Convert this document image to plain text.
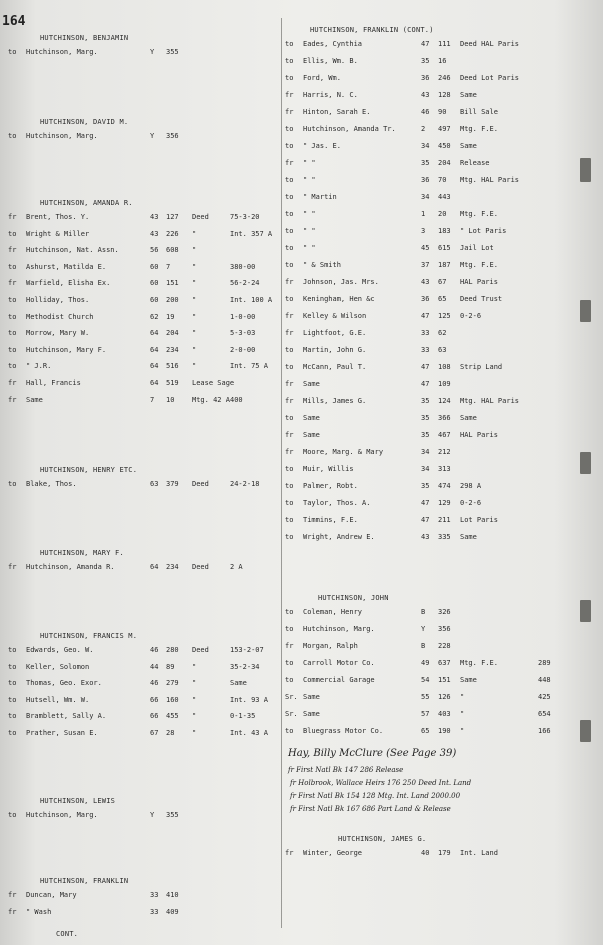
164
HUTCHINSON, BENJAMIN
to Hutchinson, Marg.	Y 355
HUTCHINSON, DAVID M.
to Hutchinson, Marg.	Y 356
HUTCHINSON, AMANDA R.
fr Brent, Thos. Y.	43 127 Deed	75-3-20
to Wright & Miller	43 226 "	Int. 357 A
fr Hutchinson, Nat. Assn.	56 608 "
to Ashurst, Matilda E.	60 7	"	380-00
fr Warfield, Elisha Ex.	60 151 "	56-2-24
to Holliday, Thos.	60 200 "	Int. 100 A
to Methodist Church	62 19	"	1-0-00
to Morrow, Mary W.	64 204 "	5-3-03
to Hutchinson, Mary F.	64 234 "	2-0-00
to " J.R.	64 516 "	Int. 75 A
fr Hall, Francis	64 519 Lease Sage
fr Same	7 10	Mtg. 42 A 400
HUTCHINSON, HENRY ETC.
to Blake, Thos.	63 379 Deed	24-2-18
HUTCHINSON, MARY F.
fr Hutchinson, Amanda R.	64 234 Deed	2 A
HUTCHINSON, FRANCIS M.
to Edwards, Geo. W.	46 280 Deed	153-2-07
to Keller, Solomon	44 89	"	35-2-34
to Thomas, Geo. Exor.	46 279 "	Same
to Hutsell, Wm. W.	66 160 "	Int. 93 A
to Bramblett, Sally A.	66 455 "	0-1-35
to Prather, Susan E.	67 28	"	Int. 43 A
HUTCHINSON, LEWIS
to Hutchinson, Marg.	Y 355
HUTCHINSON, FRANKLIN
fr Duncan, Mary	33 410
fr " Wash	33 409
HUTCHINSON, FRANKLIN (CONT.)
to Eades, Cynthia	47 111 Deed HAL Paris
to Ellis, Wm. B.	35 16
to Ford, Wm.	36 246 Deed Lot Paris
fr Harris, N. C.	43 128 Same
fr Hinton, Sarah E.	46 90 Bill Sale
to Hutchinson, Amanda Tr.	2 497 Mtg. F.E.
to " Jas. E.	34 450 Same
fr " "	35 204 Release
to " "	36 70 Mtg. HAL Paris
to " Martin	34 443
to " "	1 20 Mtg. F.E.
to " "	3 183 " Lot Paris
to " "	45 615 Jail Lot
to " & Smith	37 187 Mtg. F.E.
fr Johnson, Jas. Mrs.	43 67 HAL Paris
to Keningham, Hen &c	36 65 Deed Trust
fr Kelley & Wilson	47 125 0-2-6
fr Lightfoot, G.E.	33 62
to Martin, John G.	33 63
to McCann, Paul T.	47 108 Strip Land
fr Same	47 109
fr Mills, James G.	35 124 Mtg. HAL Paris
to Same	35 366 Same
fr Same	35 467 HAL Paris
fr Moore, Marg. & Mary	34 212
to Muir, Willis	34 313
to Palmer, Robt.	35 474 298 A
to Taylor, Thos. A.	47 129 0-2-6
to Timmins, F.E.	47 211 Lot Paris
to Wright, Andrew E.	43 335 Same
HUTCHINSON, JOHN
to Coleman, Henry	B 326
to Hutchinson, Marg.	Y 356
fr Morgan, Ralph	B 228
to Carroll Motor Co.	49 637 Mtg. F.E.	289
to Commercial Garage	54 151 Same	448
Sr. Same	55 126 "	425
Sr. Same	57 403 "	654
to Bluegrass Motor Co.	65 190 "	166
HUTCHINSON, JAMES G.
fr Winter, George	40 179 Int. Land
CONT.
Hay, Billy McClure (See Page 39)
fr First Natl Bk 147 286 Release
fr Holbrook, Wallace Heirs 176 250 Deed Int. Land
fr First Natl Bk 154 128 Mtg. Int. Land 2000.00
fr First Natl Bk 167 686 Part Land & Release
